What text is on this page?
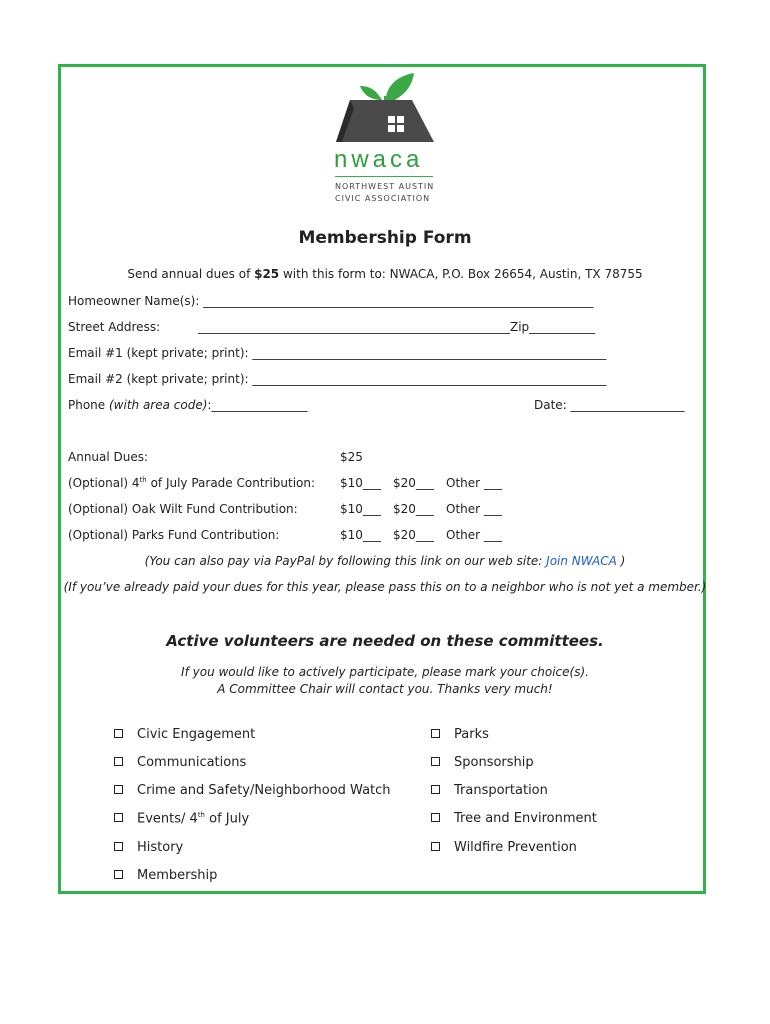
nwaca
NORTHWEST AUSTIN
CIVIC ASSOCIATION
Membership Form
Send annual dues of $25 with this form to: NWACA, P.O. Box 26654, Austin, TX 78755
Homeowner Name(s): _________________________________________________________________
Street Address:	____________________________________________________Zip___________
Email #1 (kept private; print): ___________________________________________________________
Email #2 (kept private; print): ___________________________________________________________
Phone (with area code):________________	Date: ___________________
Annual Dues:	$25
(Optional) 4th of July Parade Contribution: $10___ $20___ Other ___
(Optional) Oak Wilt Fund Contribution:	$10___ $20___ Other ___
(Optional) Parks Fund Contribution:	$10___ $20___ Other ___
(You can also pay via PayPal by following this link on our web site: Join NWACA )
(If you’ve already paid your dues for this year, please pass this on to a neighbor who is not yet a member.)
Active volunteers are needed on these committees.
If you would like to actively participate, please mark your choice(s).
A Committee Chair will contact you. Thanks very much!
Civic Engagement
Communications
Crime and Safety/Neighborhood Watch
Events/ 4th of July
History
Membership
Parks
Sponsorship
Transportation
Tree and Environment
Wildfire Prevention
